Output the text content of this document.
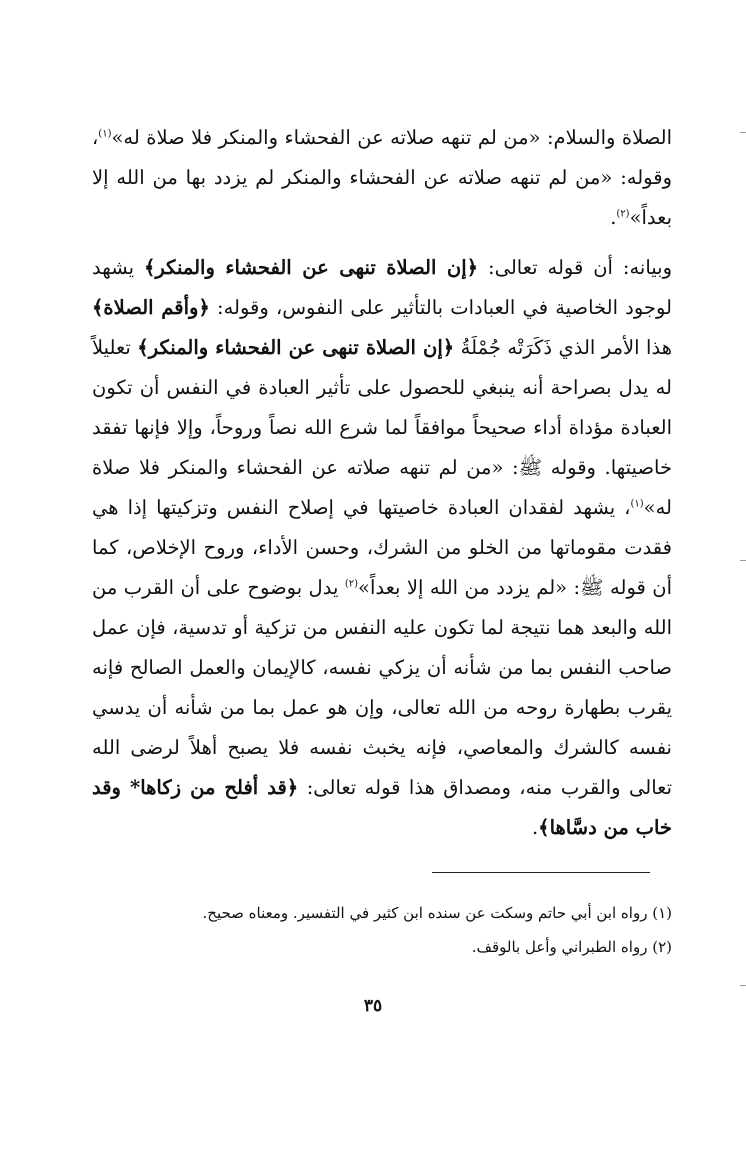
الصلاة والسلام: «من لم تنهه صلاته عن الفحشاء والمنكر فلا صلاة له»$^{(١)}$، وقوله: «من لم تنهه صلاته عن الفحشاء والمنكر لم يزدد بها من الله إلا بعداً»$^{(٢)}$.

وبيانه: أن قوله تعالى: ﴿إن الصلاة تنهى عن الفحشاء والمنكر﴾ يشهد لوجود الخاصية في العبادات بالتأثير على النفوس، وقوله: ﴿وأقم الصلاة﴾ هذا الأمر الذي ذَكَرَتْه جُمْلَةُ ﴿إن الصلاة تنهى عن الفحشاء والمنكر﴾ تعليلاً له يدل بصراحة أنه ينبغي للحصول على تأثير العبادة في النفس أن تكون العبادة مؤداة أداء صحيحاً موافقاً لما شرع الله نصاً وروحاً، وإلا فإنها تفقد خاصيتها. وقوله ﷺ: «من لم تنهه صلاته عن الفحشاء والمنكر فلا صلاة له»$^{(١)}$، يشهد لفقدان العبادة خاصيتها في إصلاح النفس وتزكيتها إذا هي فقدت مقوماتها من الخلو من الشرك، وحسن الأداء، وروح الإخلاص، كما أن قوله ﷺ: «لم يزدد من الله إلا بعداً»$^{(٢)}$ يدل بوضوح على أن القرب من الله والبعد هما نتيجة لما تكون عليه النفس من تزكية أو تدسية، فإن عمل صاحب النفس بما من شأنه أن يزكي نفسه، كالإيمان والعمل الصالح فإنه يقرب بطهارة روحه من الله تعالى، وإن هو عمل بما من شأنه أن يدسي نفسه كالشرك والمعاصي، فإنه يخبث نفسه فلا يصبح أهلاً لرضى الله تعالى والقرب منه، ومصداق هذا قوله تعالى: ﴿قد أفلح من زكاها* وقد خاب من دسَّاها﴾.

(١) رواه ابن أبي حاتم وسكت عن سنده ابن كثير في التفسير. ومعناه صحيح.

(٢) رواه الطبراني وأعل بالوقف.

٣٥
